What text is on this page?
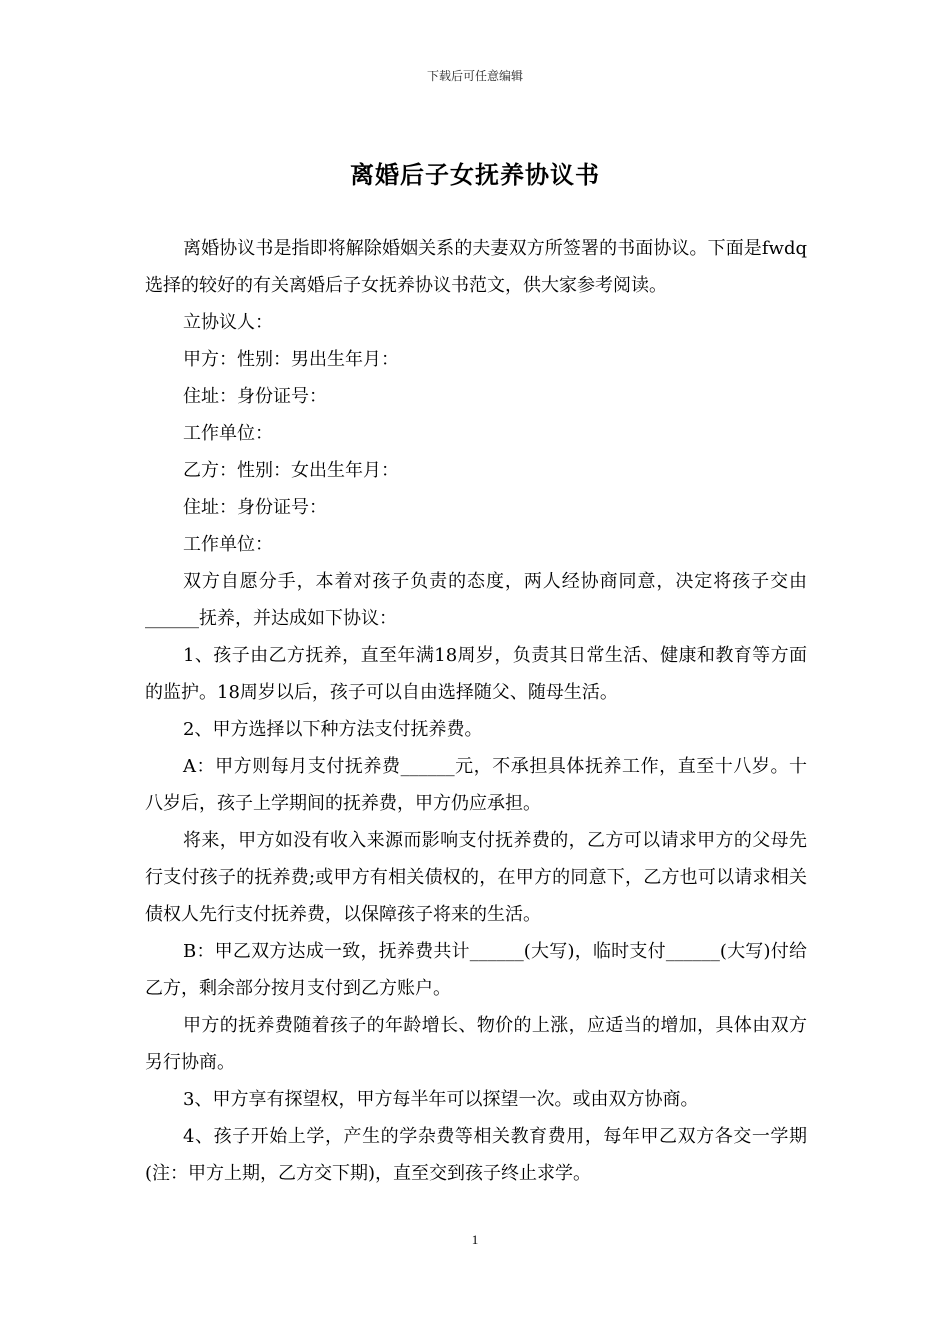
下载后可任意编辑
离婚后子女抚养协议书

离婚协议书是指即将解除婚姻关系的夫妻双方所签署的书面协议。下面是fwdq选择的较好的有关离婚后子女抚养协议书范文，供大家参考阅读。

立协议人：

甲方：性别：男出生年月：

住址：身份证号：

工作单位：

乙方：性别：女出生年月：

住址：身份证号：

工作单位：

双方自愿分手，本着对孩子负责的态度，两人经协商同意，决定将孩子交由______抚养，并达成如下协议：

1、孩子由乙方抚养，直至年满18周岁，负责其日常生活、健康和教育等方面的监护。18周岁以后，孩子可以自由选择随父、随母生活。

2、甲方选择以下种方法支付抚养费。

A：甲方则每月支付抚养费______元，不承担具体抚养工作，直至十八岁。十八岁后，孩子上学期间的抚养费，甲方仍应承担。

将来，甲方如没有收入来源而影响支付抚养费的，乙方可以请求甲方的父母先行支付孩子的抚养费;或甲方有相关债权的，在甲方的同意下，乙方也可以请求相关债权人先行支付抚养费，以保障孩子将来的生活。

B：甲乙双方达成一致，抚养费共计______(大写)，临时支付______(大写)付给乙方，剩余部分按月支付到乙方账户。

甲方的抚养费随着孩子的年龄增长、物价的上涨，应适当的增加，具体由双方另行协商。

3、甲方享有探望权，甲方每半年可以探望一次。或由双方协商。

4、孩子开始上学，产生的学杂费等相关教育费用，每年甲乙双方各交一学期(注：甲方上期，乙方交下期)，直至交到孩子终止求学。

1
